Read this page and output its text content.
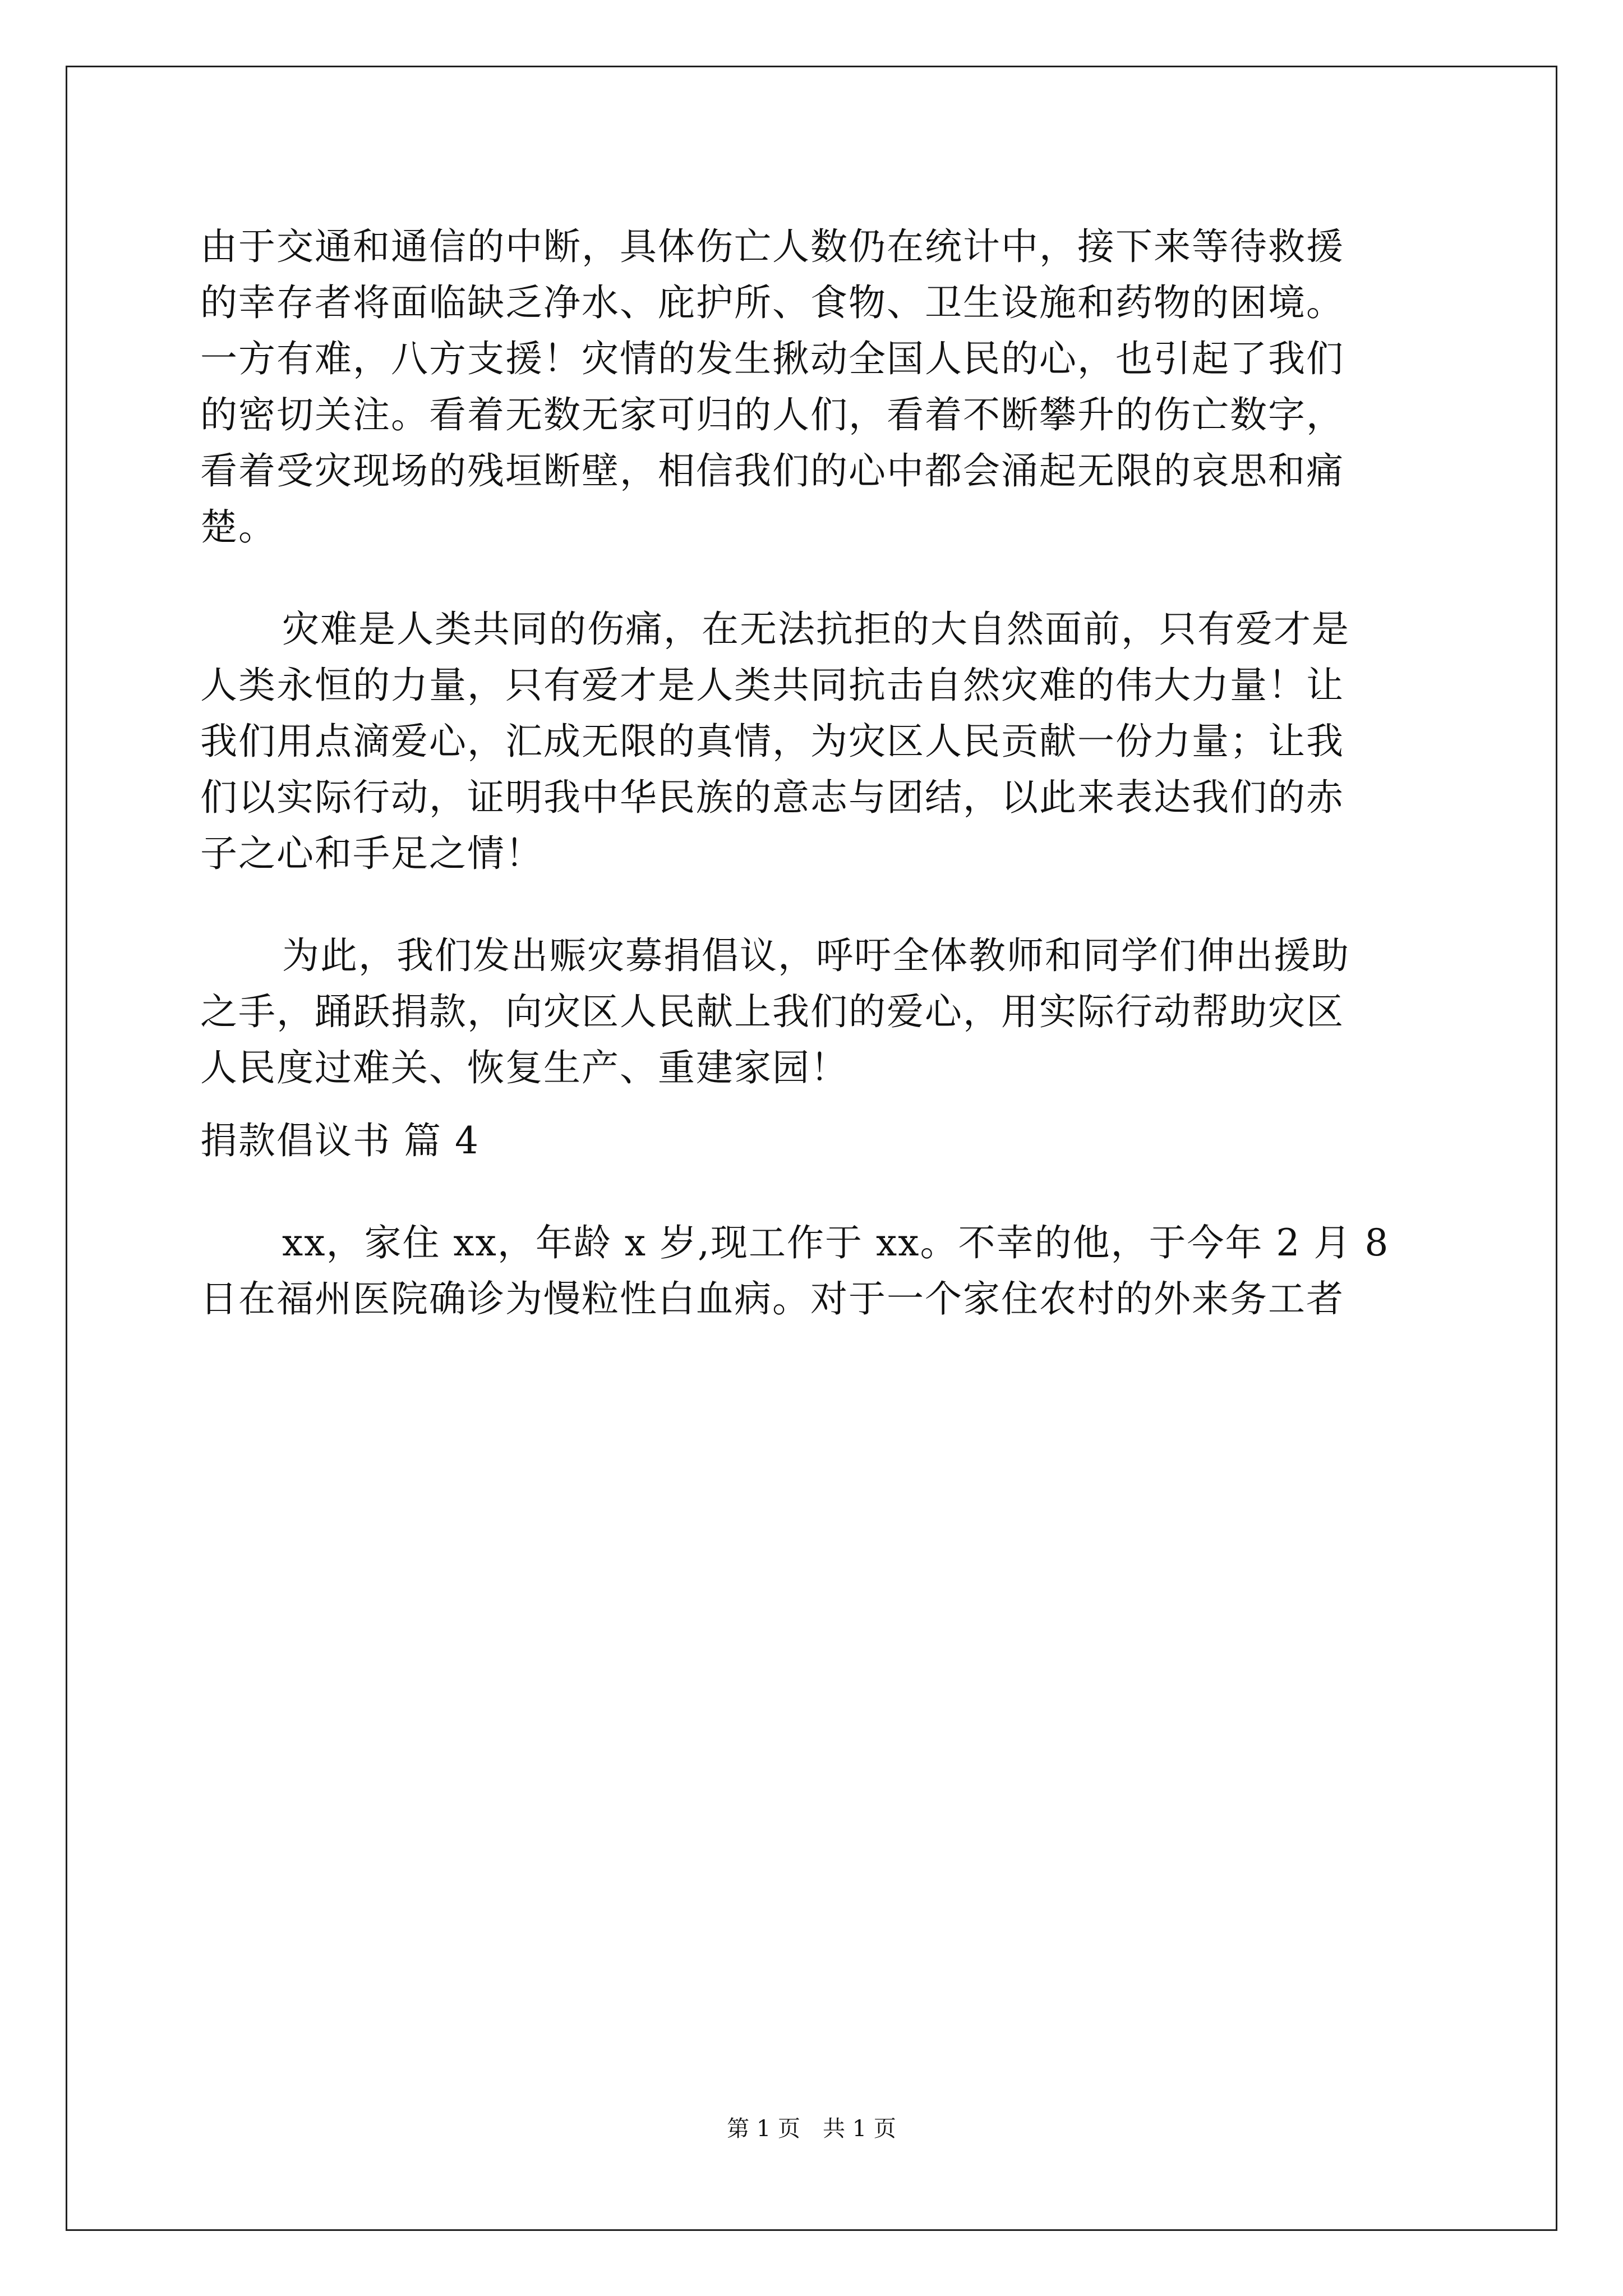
由于交通和通信的中断，具体伤亡人数仍在统计中，接下来等待救援

的幸存者将面临缺乏净水、庇护所、食物、卫生设施和药物的困境。

一方有难，八方支援！灾情的发生揪动全国人民的心，也引起了我们

的密切关注。看着无数无家可归的人们，看着不断攀升的伤亡数字，

看着受灾现场的残垣断壁，相信我们的心中都会涌起无限的哀思和痛

楚。

灾难是人类共同的伤痛，在无法抗拒的大自然面前，只有爱才是

人类永恒的力量，只有爱才是人类共同抗击自然灾难的伟大力量！让

我们用点滴爱心，汇成无限的真情，为灾区人民贡献一份力量；让我

们以实际行动，证明我中华民族的意志与团结，以此来表达我们的赤

子之心和手足之情！

为此，我们发出赈灾募捐倡议，呼吁全体教师和同学们伸出援助

之手，踊跃捐款，向灾区人民献上我们的爱心，用实际行动帮助灾区

人民度过难关、恢复生产、重建家园！

捐款倡议书 篇 4

xx，家住 xx，年龄 x 岁,现工作于 xx。不幸的他，于今年 2 月 8

日在福州医院确诊为慢粒性白血病。对于一个家住农村的外来务工者

第 1 页　共 1 页
